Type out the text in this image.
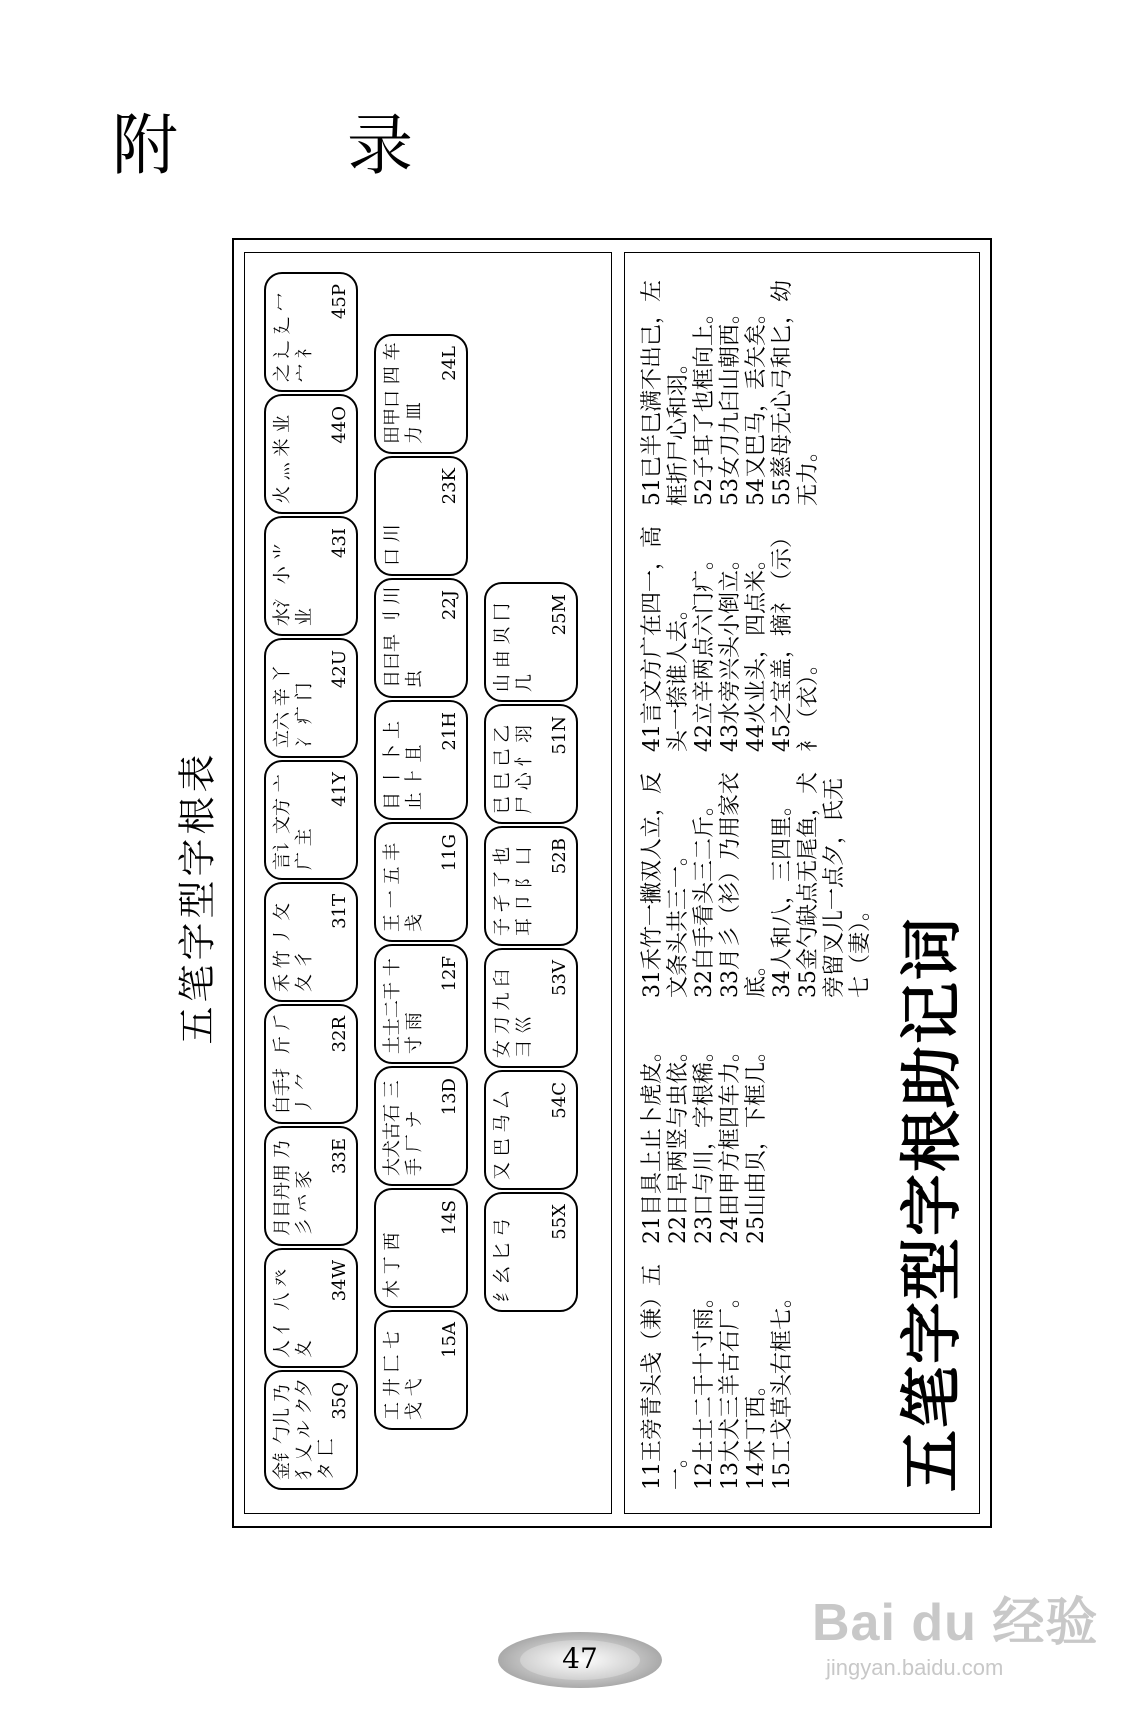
附 录
五笔字型字根表
金钅勹儿 乃犭乂 ル ク夕タ 匚
35Q
人 亻 八 癶 夊
34W
月目丹用 乃 彡 ⺤ 豕
33E
白手扌 斤 ⺁ 丿 ⺈
32R
禾 竹 丿 攵 夂 彳
31T
言讠文方 亠 广 主
41Y
立六 辛 丫 冫 疒 门
42U
水氵 小 ⺌ 业
43I
火 灬 米 业 44O
之 辶 廴 冖 宀 礻
45P
工 廾 匚 七 戈 弋
15A
木 丁 西
14S
大犬古石 三 手 厂 ナ
13D
土士二干 十 寸 雨
12F
王 一 五 丰 戋
11G
目 丨 卜 上止 ⺊ 且
21H
日曰早 刂 川 虫
22J
口 川
23K
田甲口 四 车 力 皿
24L
纟幺 匕 弓 55X
又 巴 马 厶 54C
女 刀 九 臼 彐 巛
53V
子 孑 了 也 耳 卩 阝 凵 52B
已 巳 己 乙 尸 心 忄 羽 51N
山 由 贝 冂 几
25M

11王旁青头戋（兼）五一。 12土士二干十寸雨。 13大犬三羊古石厂。 14木丁西。 15工戈草头右框七。

21目具上止卜虎皮。 22日早两竖与虫依。 23口与川，字根稀。 24田甲方框四车力。 25山由贝，下框几。

31禾竹一撇双人立，反文条头共三一。 32白手看头三二斤。 33月彡（衫）乃用家衣底。 34人和八，三四里。 35金勺缺点无尾鱼，犬旁留叉儿一点夕，氏无七（妻）。

41言文方广在四一，高头一捺谁人去。 42立辛两点六门疒。 43水旁兴头小倒立。 44火业头，四点米。 45之宝盖，摘礻（示）衤（衣）。

51已半巳满不出己，左框折尸心和羽。 52子耳了也框向上。 53女刀九臼山朝西。 54又巴马，丢矢矣。 55慈母无心弓和匕，幼无力。

五笔字型字根助记词
47
Bai du 经验
jingyan.baidu.com
